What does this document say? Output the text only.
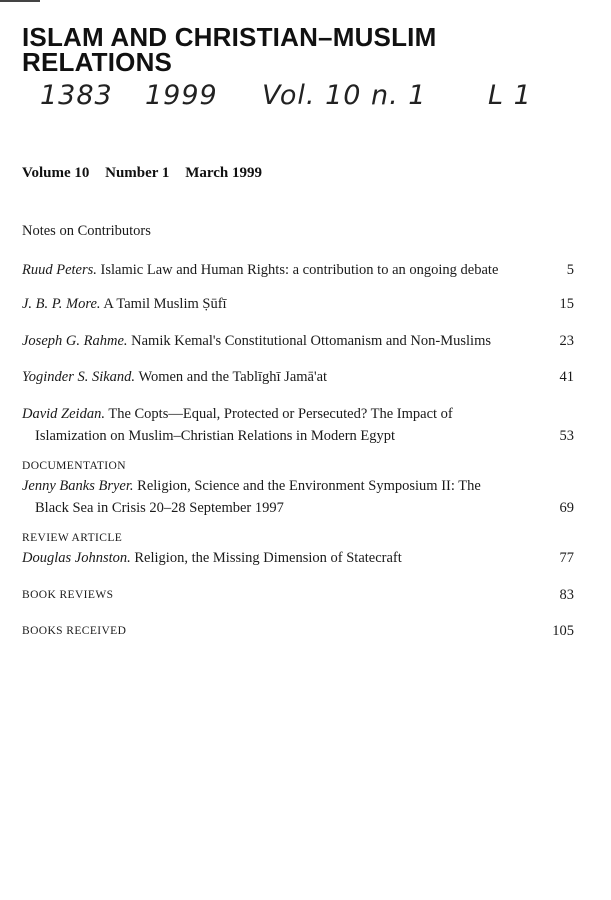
ISLAM AND CHRISTIAN–MUSLIM
RELATIONS
1383 1999 Vol. 10 n. 1 L 1
Volume 10 Number 1 March 1999
Notes on Contributors
Ruud Peters. Islamic Law and Human Rights: a contribution to an ongoing debate	5
J. B. P. More. A Tamil Muslim Ṣūfī	15
Joseph G. Rahme. Namik Kemal's Constitutional Ottomanism and Non-Muslims	23
Yoginder S. Sikand. Women and the Tablīghī Jamā'at	41
David Zeidan. The Copts—Equal, Protected or Persecuted? The Impact of
Islamization on Muslim–Christian Relations in Modern Egypt	53
DOCUMENTATION
Jenny Banks Bryer. Religion, Science and the Environment Symposium II: The
Black Sea in Crisis 20–28 September 1997	69
REVIEW ARTICLE
Douglas Johnston. Religion, the Missing Dimension of Statecraft	77
BOOK REVIEWS	83
BOOKS RECEIVED	105
